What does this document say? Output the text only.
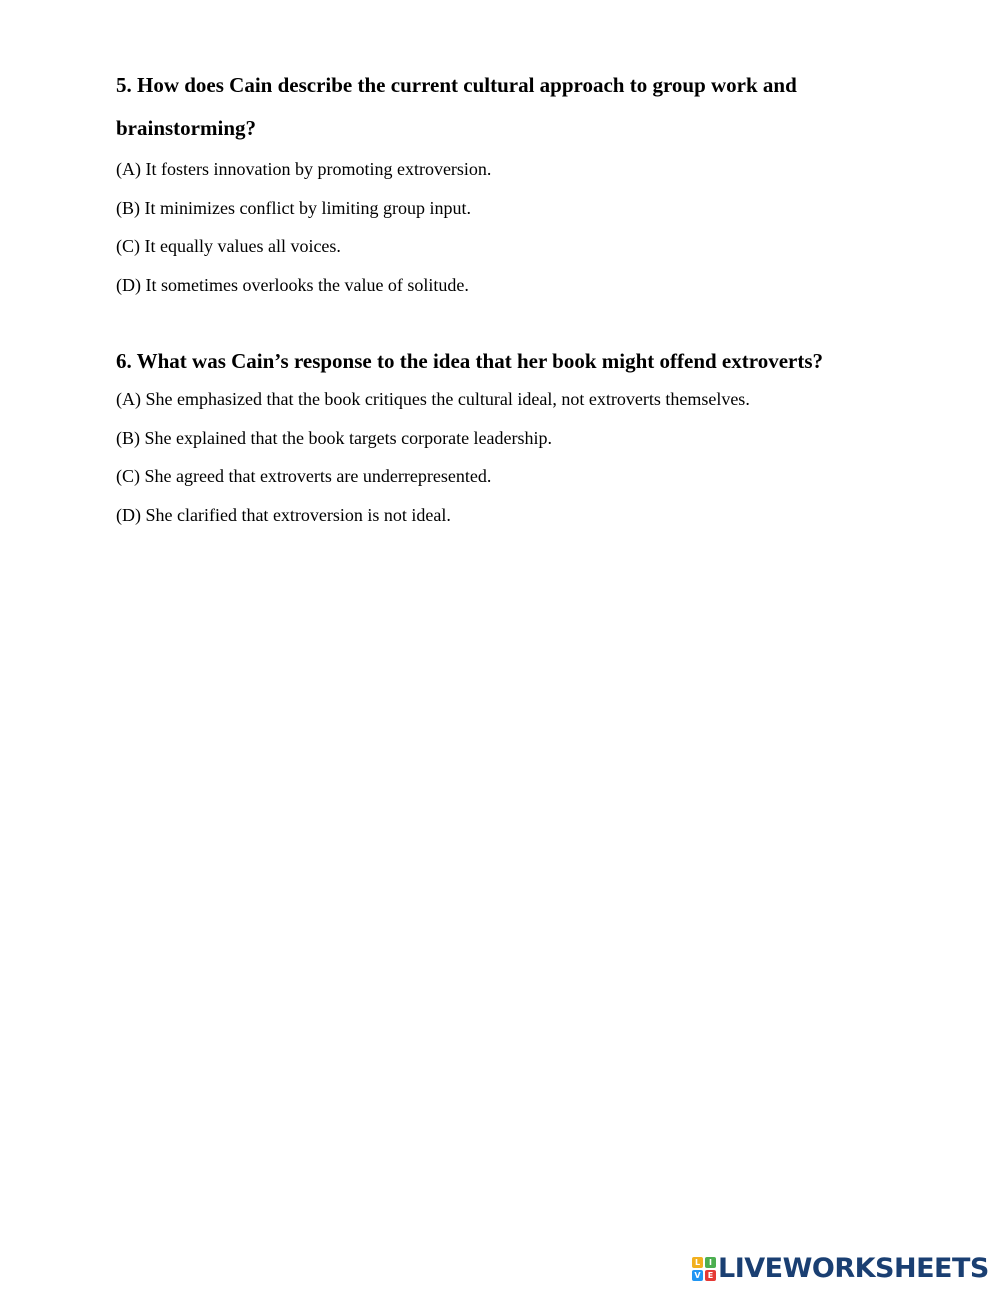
5. How does Cain describe the current cultural approach to group work and brainstorming?
(A) It fosters innovation by promoting extroversion.
(B) It minimizes conflict by limiting group input.
(C) It equally values all voices.
(D) It sometimes overlooks the value of solitude.
6. What was Cain’s response to the idea that her book might offend extroverts?
(A) She emphasized that the book critiques the cultural ideal, not extroverts themselves.
(B) She explained that the book targets corporate leadership.
(C) She agreed that extroverts are underrepresented.
(D) She clarified that extroversion is not ideal.
L	I
V E LIVEWORKSHEETS
